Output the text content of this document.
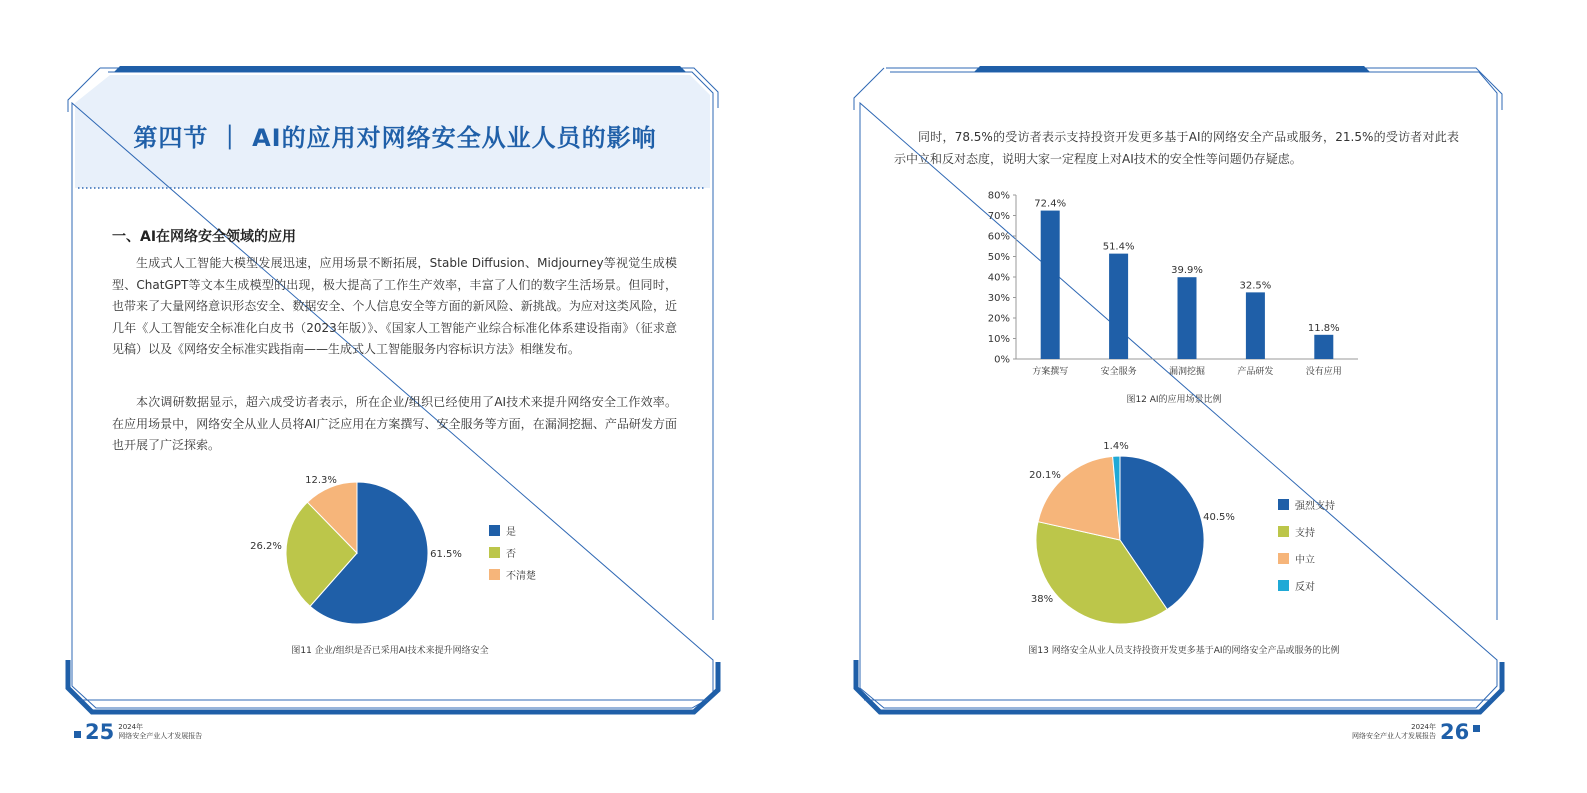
第四节 ｜ AI的应用对网络安全从业人员的影响
一、AI在网络安全领域的应用
生成式人工智能大模型发展迅速，应用场景不断拓展，Stable Diffusion、Midjourney等视觉生成模型、ChatGPT等文本生成模型的出现，极大提高了工作生产效率，丰富了人们的数字生活场景。但同时，也带来了大量网络意识形态安全、数据安全、个人信息安全等方面的新风险、新挑战。为应对这类风险，近几年《人工智能安全标准化白皮书（2023年版）》、《国家人工智能产业综合标准化体系建设指南》（征求意见稿）以及《网络安全标准实践指南——生成式人工智能服务内容标识方法》相继发布。
本次调研数据显示，超六成受访者表示，所在企业/组织已经使用了AI技术来提升网络安全工作效率。在应用场景中，网络安全从业人员将AI广泛应用在方案撰写、安全服务等方面，在漏洞挖掘、产品研发方面也开展了广泛探索。
61.5%
26.2%
12.3%
是
否
不清楚
图11 企业/组织是否已采用AI技术来提升网络安全
25 2024年
网络安全产业人才发展报告
同时，78.5%的受访者表示支持投资开发更多基于AI的网络安全产品或服务，21.5%的受访者对此表示中立和反对态度，说明大家一定程度上对AI技术的安全性等问题仍存疑虑。
0%
10%
20%
30%
40%
50%
60%
70%
80%
72.4%
方案撰写
51.4%
安全服务
39.9%
漏洞挖掘
32.5%
产品研发
11.8%
没有应用
图12 AI的应用场景比例
40.5%
38%
20.1%
1.4%
强烈支持
支持
中立
反对
图13 网络安全从业人员支持投资开发更多基于AI的网络安全产品或服务的比例
2024年
网络安全产业人才发展报告 26
